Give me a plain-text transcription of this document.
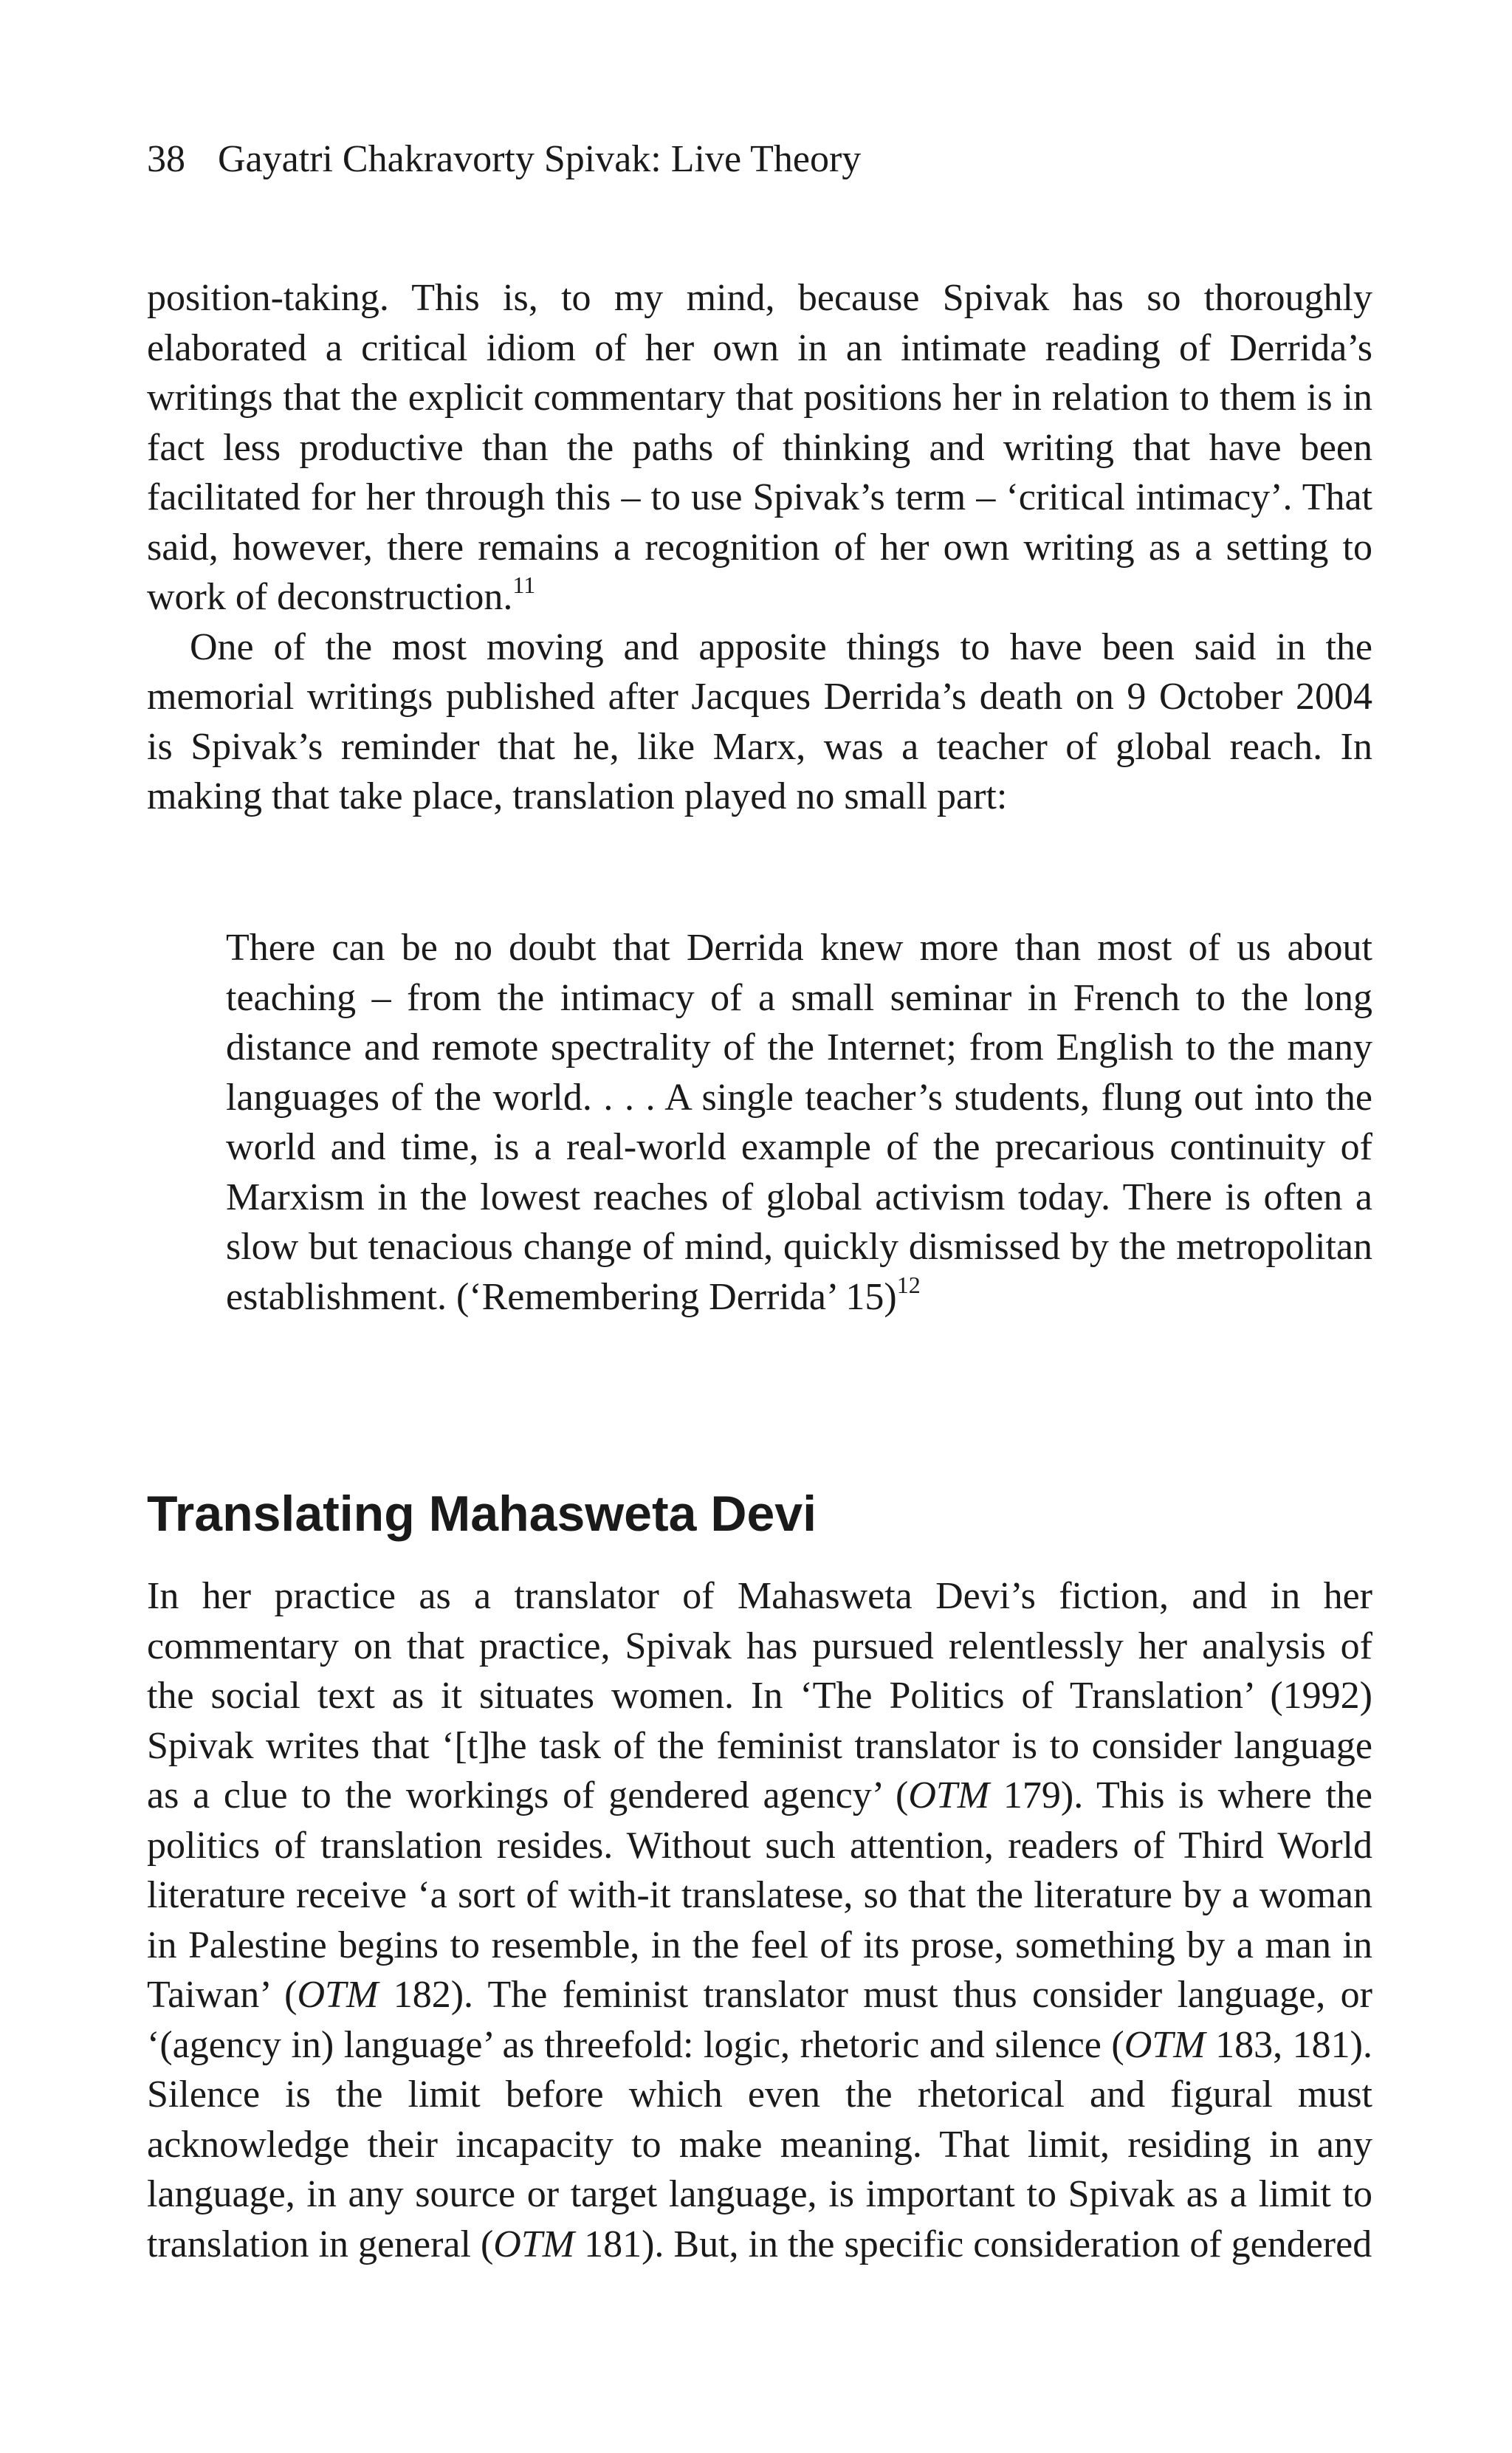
38 Gayatri Chakravorty Spivak: Live Theory

position-taking. This is, to my mind, because Spivak has so thoroughly elaborated a critical idiom of her own in an intimate reading of Derrida’s writings that the explicit commentary that positions her in relation to them is in fact less productive than the paths of thinking and writing that have been facilitated for her through this – to use Spivak’s term – ‘critical intimacy’. That said, however, there remains a recognition of her own writing as a setting to work of deconstruction.$^{11}$

One of the most moving and apposite things to have been said in the memorial writings published after Jacques Derrida’s death on 9 October 2004 is Spivak’s reminder that he, like Marx, was a teacher of global reach. In making that take place, translation played no small part:

There can be no doubt that Derrida knew more than most of us about teaching – from the intimacy of a small seminar in French to the long distance and remote spectrality of the Internet; from English to the many languages of the world. . . . A single teacher’s students, flung out into the world and time, is a real-world example of the precarious continuity of Marxism in the lowest reaches of global activism today. There is often a slow but tenacious change of mind, quickly dismissed by the metropolitan establishment. (‘Remembering Derrida’ 15)$^{12}$

Translating Mahasweta Devi

In her practice as a translator of Mahasweta Devi’s fiction, and in her commentary on that practice, Spivak has pursued relentlessly her analysis of the social text as it situates women. In ‘The Politics of Translation’ (1992) Spivak writes that ‘[t]he task of the feminist translator is to consider language as a clue to the workings of gendered agency’ (OTM 179). This is where the politics of translation resides. Without such attention, readers of Third World literature receive ‘a sort of with-it translatese, so that the literature by a woman in Palestine begins to resemble, in the feel of its prose, something by a man in Taiwan’ (OTM 182). The feminist translator must thus consider language, or ‘(agency in) language’ as threefold: logic, rhetoric and silence (OTM 183, 181). Silence is the limit before which even the rhetorical and figural must acknowledge their incapacity to make meaning. That limit, residing in any language, in any source or target language, is important to Spivak as a limit to translation in general (OTM 181). But, in the specific consideration of gendered
